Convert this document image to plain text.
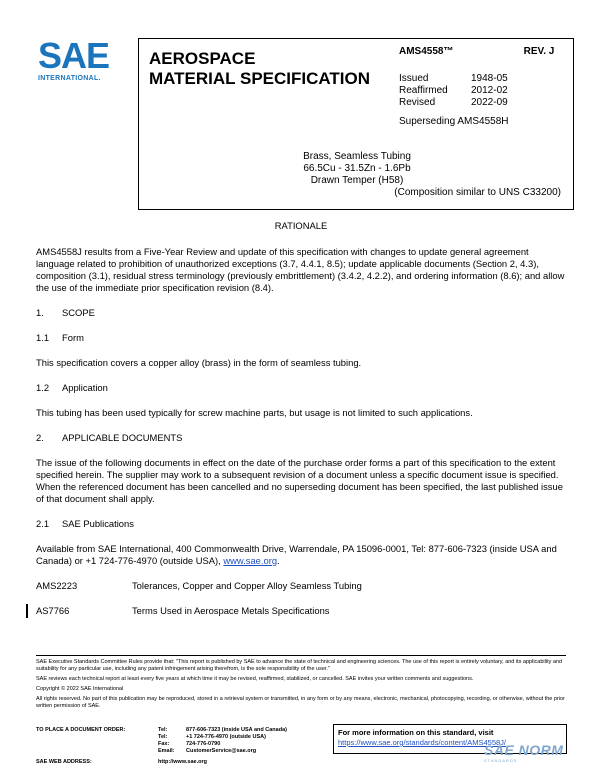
SAE
INTERNATIONAL.
AEROSPACE
MATERIAL SPECIFICATION
AMS4558™	REV. J
Issued	1948-05
Reaffirmed	2012-02
Revised	2022-09
Superseding AMS4558H
Brass, Seamless Tubing
66.5Cu - 31.5Zn - 1.6Pb
Drawn Temper (H58)
(Composition similar to UNS C33200)
RATIONALE
AMS4558J results from a Five-Year Review and update of this specification with changes to update general agreement language related to prohibition of unauthorized exceptions (3.7, 4.4.1, 8.5); update applicable documents (Section 2, 4.3), composition (3.1), residual stress terminology (previously embrittlement) (3.4.2, 4.2.2), and ordering information (8.6); and allow the use of the immediate prior specification revision (8.4).
1.	SCOPE
1.1	Form
This specification covers a copper alloy (brass) in the form of seamless tubing.
1.2	Application
This tubing has been used typically for screw machine parts, but usage is not limited to such applications.
2.	APPLICABLE DOCUMENTS
The issue of the following documents in effect on the date of the purchase order forms a part of this specification to the extent specified herein. The supplier may work to a subsequent revision of a document unless a specific document issue is specified. When the referenced document has been cancelled and no superseding document has been specified, the last published issue of that document shall apply.
2.1	SAE Publications
Available from SAE International, 400 Commonwealth Drive, Warrendale, PA 15096-0001, Tel: 877-606-7323 (inside USA and Canada) or +1 724-776-4970 (outside USA), www.sae.org.
AMS2223	Tolerances, Copper and Copper Alloy Seamless Tubing
AS7766	Terms Used in Aerospace Metals Specifications

SAE Executive Standards Committee Rules provide that: "This report is published by SAE to advance the state of technical and engineering sciences. The use of this report is entirely voluntary, and its applicability and suitability for any particular use, including any patent infringement arising therefrom, is the sole responsibility of the user."

SAE reviews each technical report at least every five years at which time it may be revised, reaffirmed, stabilized, or cancelled. SAE invites your written comments and suggestions.

Copyright © 2022 SAE International

All rights reserved. No part of this publication may be reproduced, stored in a retrieval system or transmitted, in any form or by any means, electronic, mechanical, photocopying, recording, or otherwise, without the prior written permission of SAE.

TO PLACE A DOCUMENT ORDER:	Tel:	877-606-7323 (inside USA and Canada)
Tel:	+1 724-776-4970 (outside USA)
Fax:	724-776-0790
Email:	CustomerService@sae.org
SAE WEB ADDRESS:	http://www.sae.org
For more information on this standard, visit
https://www.sae.org/standards/content/AMS4558J/
SAE NORM
STANDARDS
